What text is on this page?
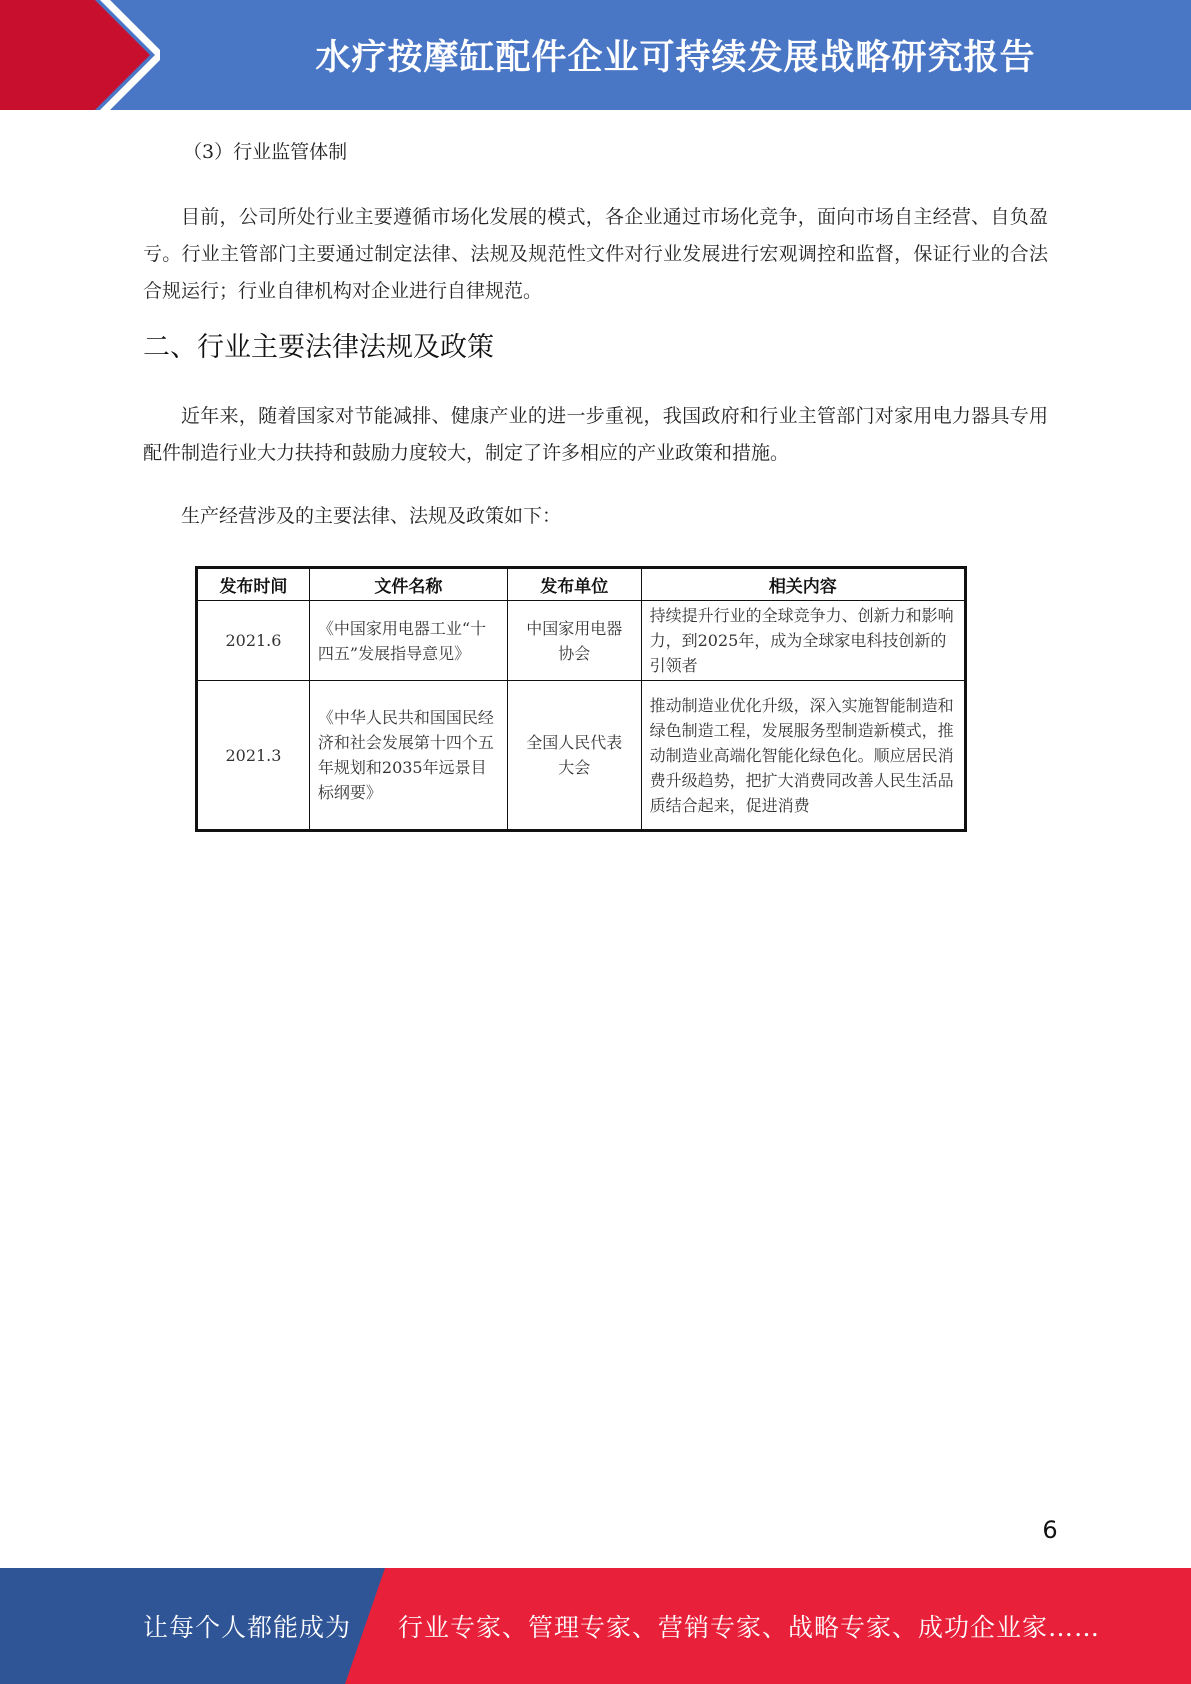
水疗按摩缸配件企业可持续发展战略研究报告
（3）行业监管体制
目前，公司所处行业主要遵循市场化发展的模式，各企业通过市场化竞争，面向市场自主经营、自负盈亏。行业主管部门主要通过制定法律、法规及规范性文件对行业发展进行宏观调控和监督，保证行业的合法合规运行；行业自律机构对企业进行自律规范。
二、行业主要法律法规及政策
近年来，随着国家对节能减排、健康产业的进一步重视，我国政府和行业主管部门对家用电力器具专用配件制造行业大力扶持和鼓励力度较大，制定了许多相应的产业政策和措施。
生产经营涉及的主要法律、法规及政策如下：
发布时间	文件名称	发布单位	相关内容
2021.6	《中国家用电器工业“十四五”发展指导意见》	中国家用电器协会	持续提升行业的全球竞争力、创新力和影响力，到2025年，成为全球家电科技创新的引领者
2021.3	《中华人民共和国国民经济和社会发展第十四个五年规划和2035年远景目标纲要》	全国人民代表大会	推动制造业优化升级，深入实施智能制造和绿色制造工程，发展服务型制造新模式，推动制造业高端化智能化绿色化。顺应居民消费升级趋势，把扩大消费同改善人民生活品质结合起来，促进消费
6
让每个人都能成为 行业专家、管理专家、营销专家、战略专家、成功企业家……
